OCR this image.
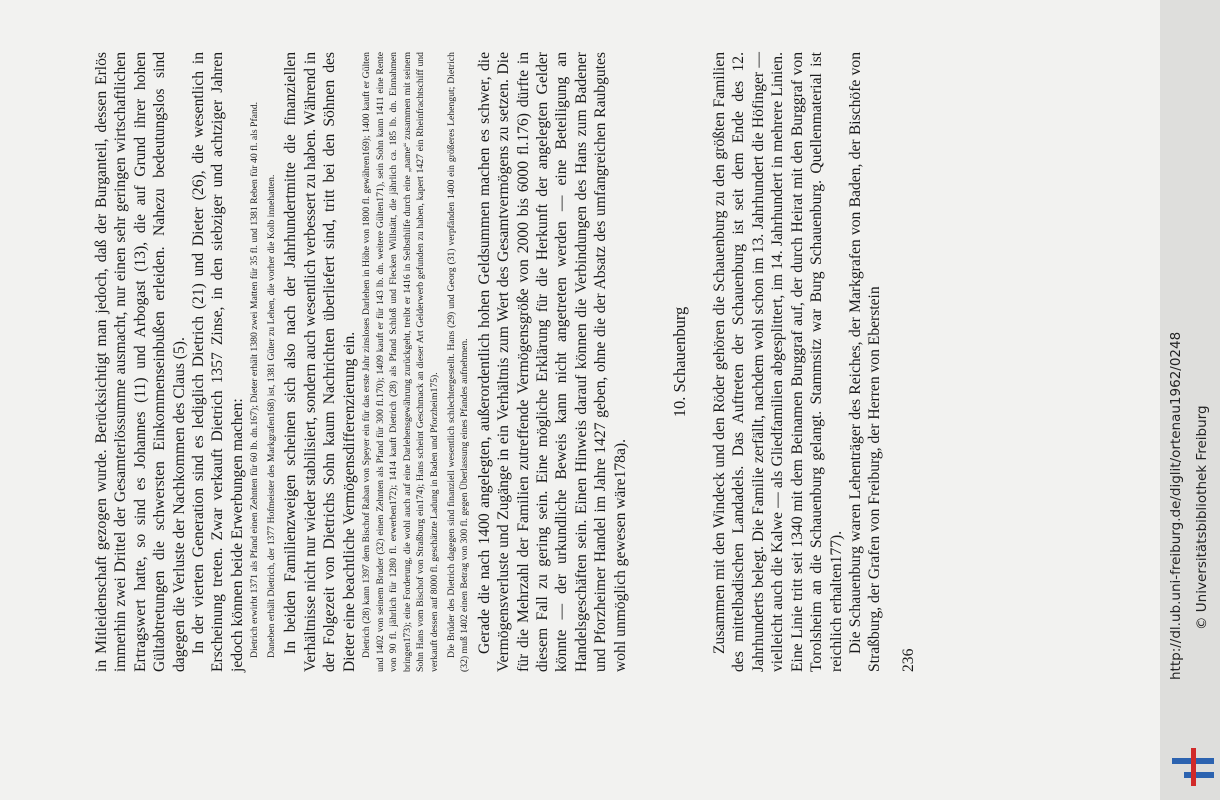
in Mitleidenschaft gezogen wurde. Berücksichtigt man jedoch, daß der Burganteil, dessen Erlös immerhin zwei Drittel der Gesamterlössumme ausmacht, nur einen sehr geringen wirtschaftlichen Ertragswert hatte, so sind es Johannes (11) und Arbogast (13), die auf Grund ihrer hohen Gültabtretungen die schwersten Einkommenseinbußen erleiden. Nahezu bedeutungslos sind dagegen die Verluste der Nachkommen des Claus (5). In der vierten Generation sind es lediglich Dietrich (21) und Dieter (26), die wesentlich in Erscheinung treten. Zwar verkauft Dietrich 1357 Zinse, in den siebziger und achtziger Jahren jedoch können beide Erwerbungen machen: Dietrich erwirbt 1371 als Pfand einen Zehnten für 60 lb. dn.167); Dieter erhält 1380 zwei Matten für 35 fl. und 1381 Reben für 40 fl. als Pfand. Daneben erhält Dietrich, der 1377 Hofmeister des Markgrafen168) ist, 1381 Güter zu Lehen, die vorher die Kolb innehatten. In beiden Familienzweigen scheinen sich also nach der Jahrhundertmitte die finanziellen Verhältnisse nicht nur wieder stabilisiert, sondern auch wesentlich verbessert zu haben. Während in der Folgezeit von Dietrichs Sohn kaum Nachrichten überliefert sind, tritt bei den Söhnen des Dieter eine beachtliche Vermögensdifferenzierung ein. Dietrich (28) kann 1397 dem Bischof Raban von Speyer ein für das erste Jahr zinsloses Darlehen in Höhe von 1800 fl. gewähren169); 1400 kauft er Gülten und 1402 von seinem Bruder (32) einen Zehnten als Pfand für 300 fl.170); 1409 kauft er für 143 lb. dn. weitere Gülten171), sein Sohn kann 1411 eine Rente von 90 fl. jährlich für 1280 fl. erwerben172); 1414 kauft Dietrich (28) als Pfand Schloß und Flecken Willstätt, die jährlich ca. 185 lb. dn. Einnahmen bringen173); eine Forderung, die wohl auch auf eine Darlehensgewährung zurückgeht, treibt er 1416 in Selbsthilfe durch eine „name“ zusammen mit seinem Sohn Hans vom Bischof von Straßburg ein174); Hans scheint Geschmack an dieser Art Gelderwerb gefunden zu haben, kapert 1427 ein Rheinfrachtschiff und verkauft dessen auf 8000 fl. geschätzte Ladung in Baden und Pforzheim175). Die Brüder des Dietrich dagegen sind finanziell wesentlich schlechtergestellt. Hans (29) und Georg (31) verpfänden 1400 ein größeres Lehengut; Dietrich (32) muß 1402 einen Betrag von 300 fl. gegen Überlassung eines Pfandes aufnehmen. Gerade die nach 1400 angelegten, außerordentlich hohen Geldsummen machen es schwer, die Vermögensverluste und Zugänge in ein Verhältnis zum Wert des Gesamtvermögens zu setzen. Die für die Mehrzahl der Familien zutreffende Vermögensgröße von 2000 bis 6000 fl.176) dürfte in diesem Fall zu gering sein. Eine mögliche Erklärung für die Herkunft der angelegten Gelder könnte — der urkundliche Beweis kann nicht angetreten werden — eine Beteiligung an Handelsgeschäften sein. Einen Hinweis darauf können die Verbindungen des Hans zum Badener und Pforzheimer Handel im Jahre 1427 geben, ohne die der Absatz des umfangreichen Raubgutes wohl unmöglich gewesen wäre178a).

10. Schauenburg Zusammen mit den Windeck und den Röder gehören die Schauenburg zu den größten Familien des mittelbadischen Landadels. Das Auftreten der Schauenburg ist seit dem Ende des 12. Jahrhunderts belegt. Die Familie zerfällt, nachdem wohl schon im 13. Jahrhundert die Höfinger — vielleicht auch die Kalwe — als Gliedfamilien abgesplittert, im 14. Jahrhundert in mehrere Linien. Eine Linie tritt seit 1340 mit dem Beinamen Burggraf auf, der durch Heirat mit den Burggraf von Torolsheim an die Schauenburg gelangt. Stammsitz war Burg Schauenburg. Quellenmaterial ist reichlich erhalten177). Die Schauenburg waren Lehenträger des Reiches, der Markgrafen von Baden, der Bischöfe von Straßburg, der Grafen von Freiburg, der Herren von Eberstein 236	http://dl.ub.uni-freiburg.de/diglit/ortenau1962/0248 © Universitätsbibliothek Freiburg
